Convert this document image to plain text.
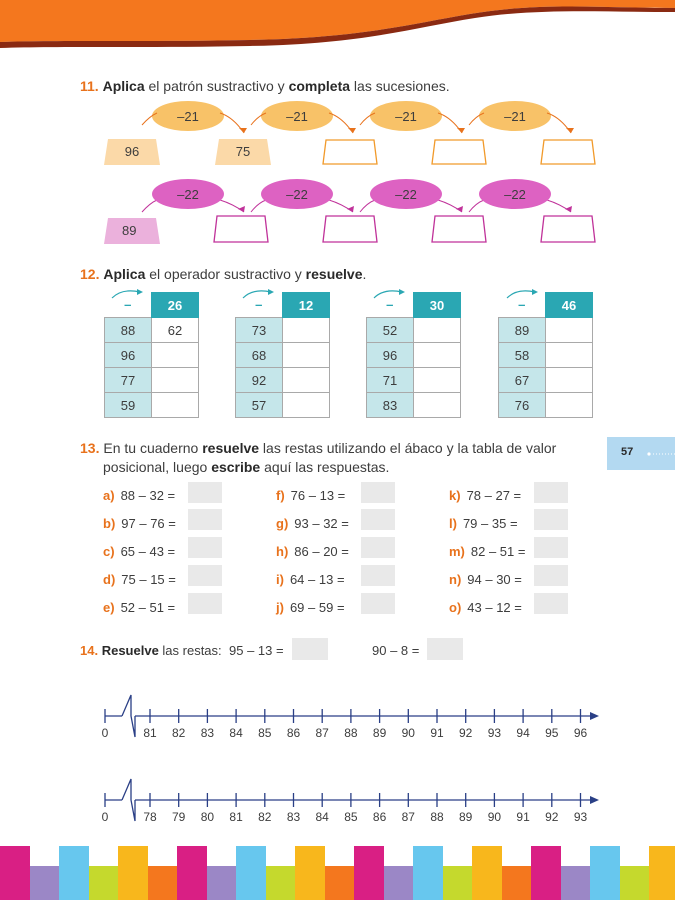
11. Aplica el patrón sustractivo y completa las sucesiones.
–21	–21	–21	–21
96	75
–22	–22	–22	–22
89
12. Aplica el operador sustractivo y resuelve.
–	26
88	62
96	
77	
59	
–	12
73	
68	
92	
57	
–	30
52	
96	
71	
83	
–	46
89	
58	
67	
76	
57
13. En tu cuaderno resuelve las restas utilizando el ábaco y la tabla de valor
posicional, luego escribe aquí las respuestas.
a) 88 – 32 =
b) 97 – 76 =
c) 65 – 43 =
d) 75 – 15 =
e) 52 – 51 =
f) 76 – 13 =
g) 93 – 32 =
h) 86 – 20 =
i) 64 – 13 =
j) 69 – 59 =
k) 78 – 27 =
l) 79 – 35 =
m) 82 – 51 =
n) 94 – 30 =
o) 43 – 12 =
14. Resuelve las restas: 95 – 13 =	90 – 8 =
0	81	82	83	84	85	86	87	88	89	90	91	92	93	94	95	96
0	78	79	80	81	82	83	84	85	86	87	88	89	90	91	92	93
